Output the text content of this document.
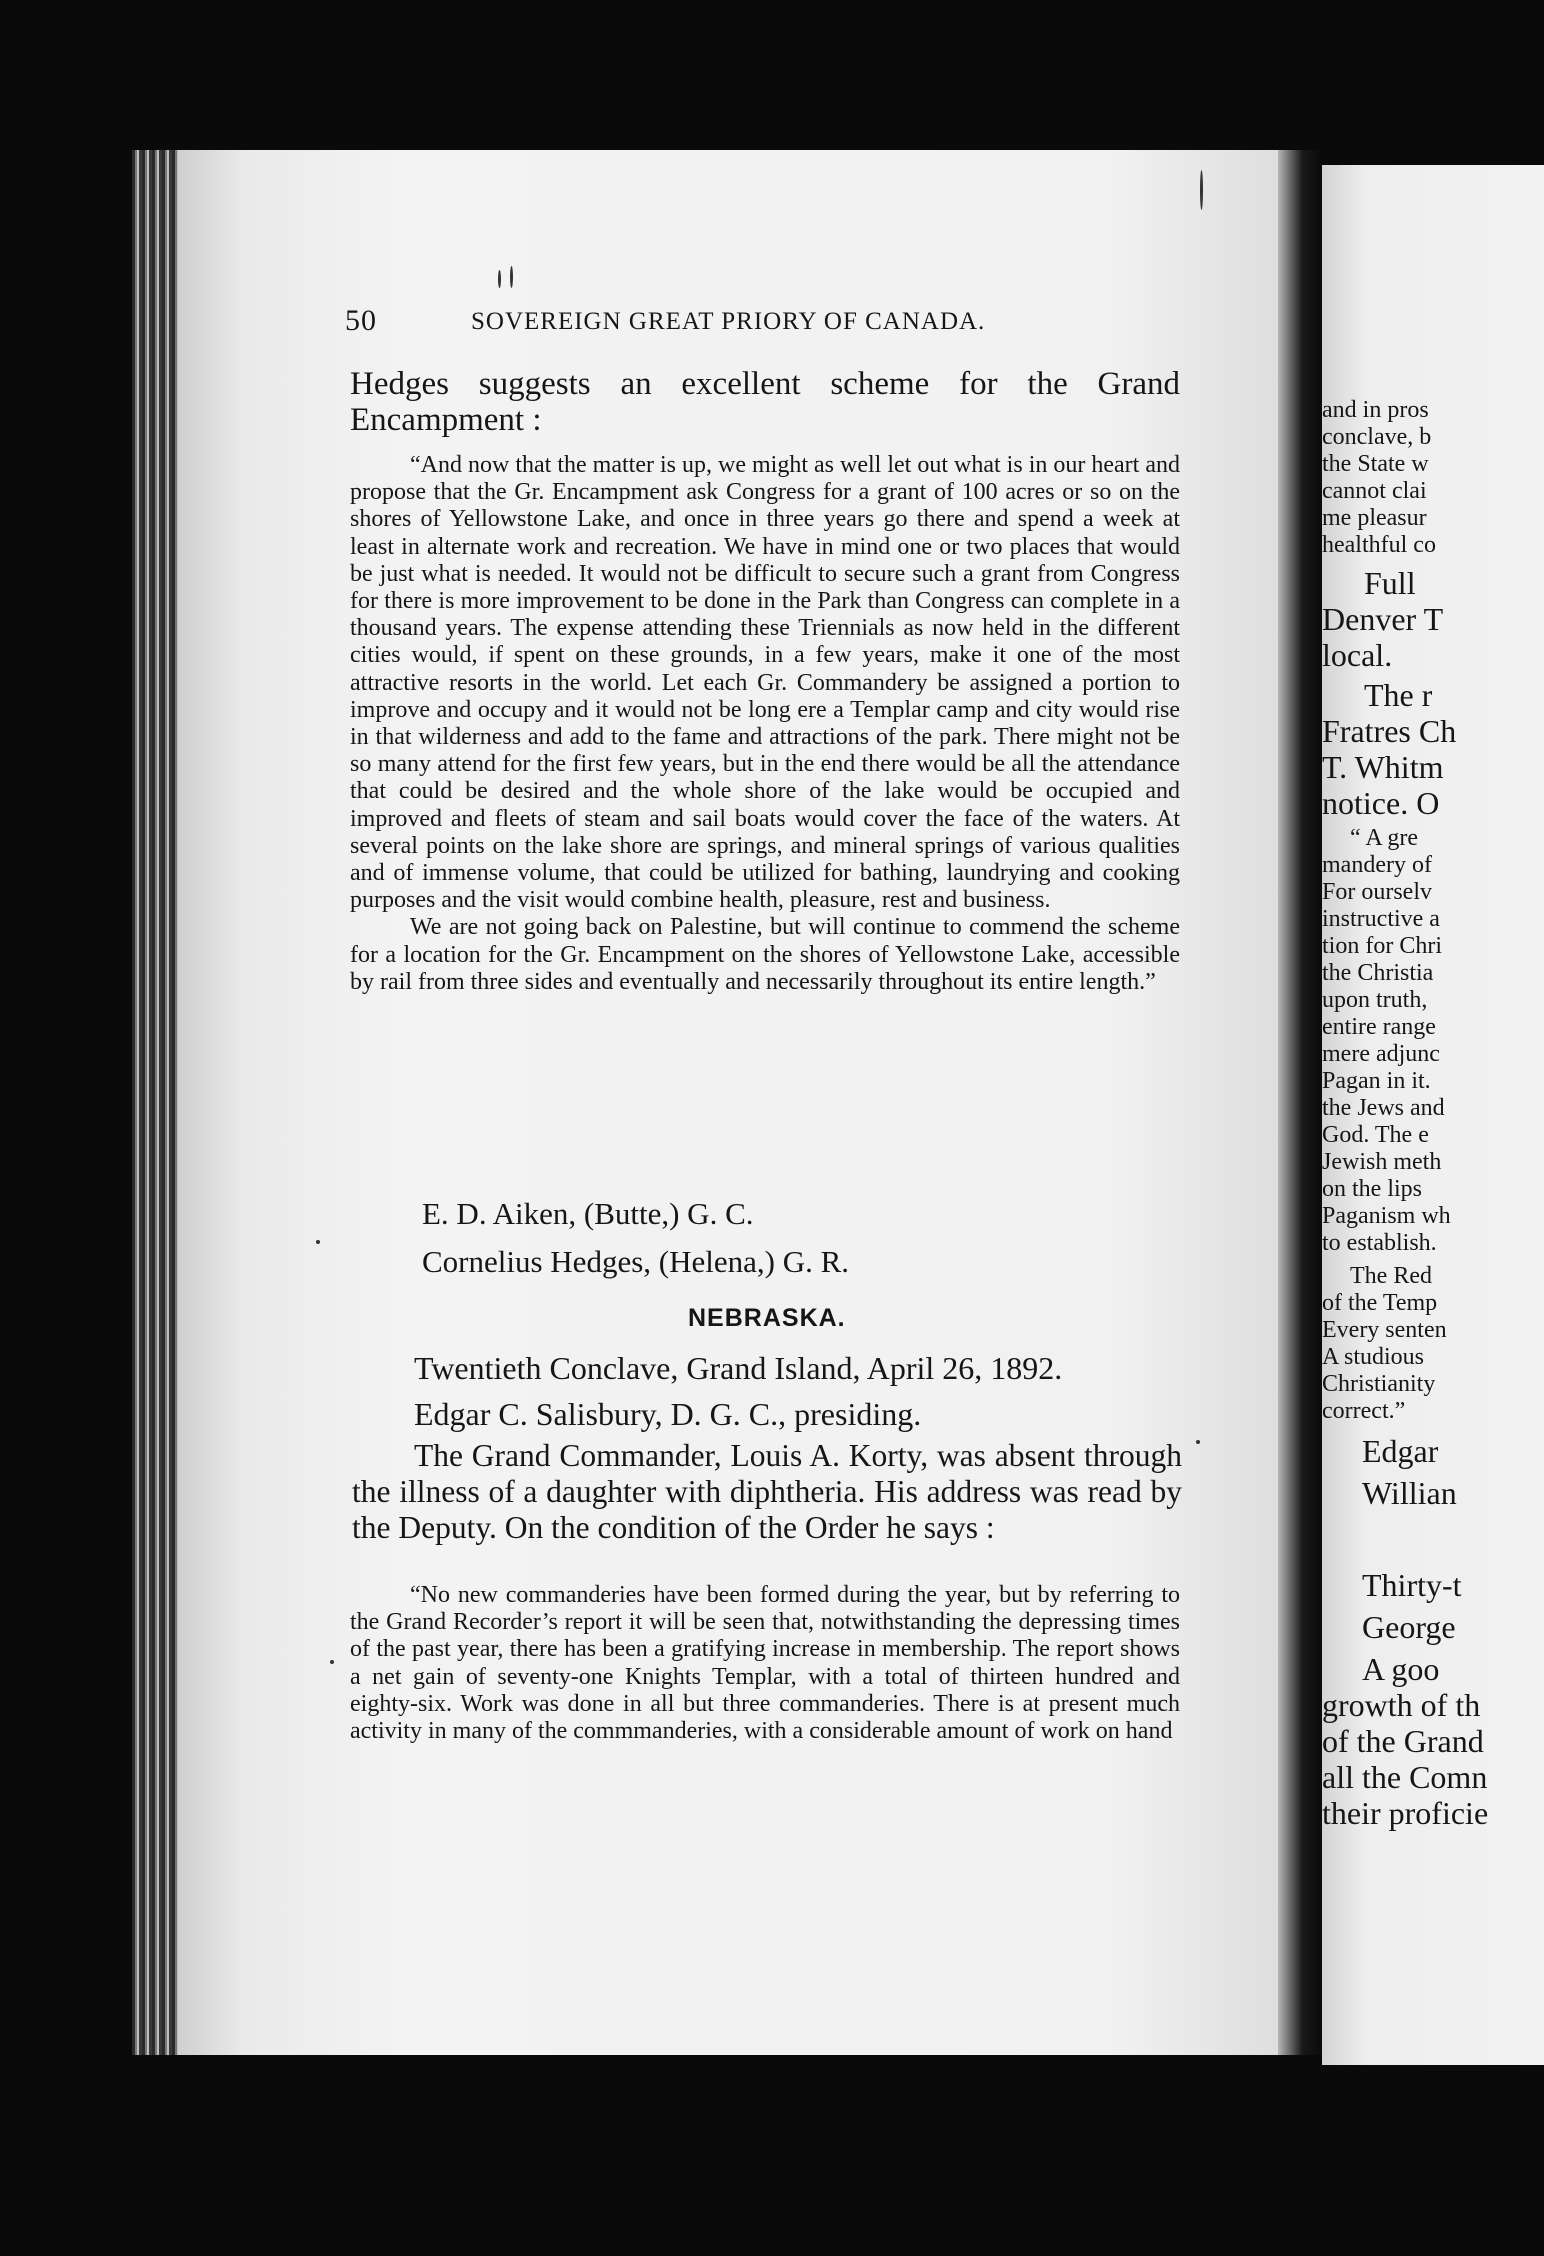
50	SOVEREIGN GREAT PRIORY OF CANADA.
Hedges suggests an excellent scheme for the Grand
Encampment :

“And now that the matter is up, we might as well let out what is in our heart and propose that the Gr. Encampment ask Congress for a grant of 100 acres or so on the shores of Yellowstone Lake, and once in three years go there and spend a week at least in alternate work and recreation. We have in mind one or two places that would be just what is needed. It would not be difficult to secure such a grant from Congress for there is more improvement to be done in the Park than Congress can complete in a thousand years. The expense attending these Triennials as now held in the different cities would, if spent on these grounds, in a few years, make it one of the most attractive resorts in the world. Let each Gr. Commandery be assigned a portion to improve and occupy and it would not be long ere a Templar camp and city would rise in that wilderness and add to the fame and attractions of the park. There might not be so many attend for the first few years, but in the end there would be all the attendance that could be desired and the whole shore of the lake would be occupied and improved and fleets of steam and sail boats would cover the face of the waters. At several points on the lake shore are springs, and mineral springs of various qualities and of immense volume, that could be utilized for bathing, laundrying and cooking purposes and the visit would combine health, pleasure, rest and business.

We are not going back on Palestine, but will continue to commend the scheme for a location for the Gr. Encampment on the shores of Yellowstone Lake, accessible by rail from three sides and eventually and necessarily throughout its entire length.”

E. D. Aiken, (Butte,) G. C.
Cornelius Hedges, (Helena,) G. R.
NEBRASKA.
Twentieth Conclave, Grand Island, April 26, 1892.
Edgar C. Salisbury, D. G. C., presiding.

The Grand Commander, Louis A. Korty, was absent through the illness of a daughter with diphtheria. His address was read by the Deputy. On the condition of the Order he says :

“No new commanderies have been formed during the year, but by referring to the Grand Recorder’s report it will be seen that, notwithstanding the depressing times of the past year, there has been a gratifying increase in membership. The report shows a net gain of seventy-one Knights Templar, with a total of thirteen hundred and eighty-six. Work was done in all but three commanderies. There is at present much activity in many of the commmanderies, with a considerable amount of work on hand

and in pros
conclave, b
the State w
cannot clai
me pleasur
healthful co
Full
Denver T
local.
The r
Fratres Ch
T. Whitm
notice. O
“ A gre
mandery of
For ourselv
instructive a
tion for Chri
the Christia
upon truth,
entire range
mere adjunc
Pagan in it.
the Jews and
God. The e
Jewish meth
on the lips
Paganism wh
to establish.
The Red
of the Temp
Every senten
A studious
Christianity
correct.”
Edgar
Willian
Thirty-t
George
A goo
growth of th
of the Grand
all the Comn
their proficie
